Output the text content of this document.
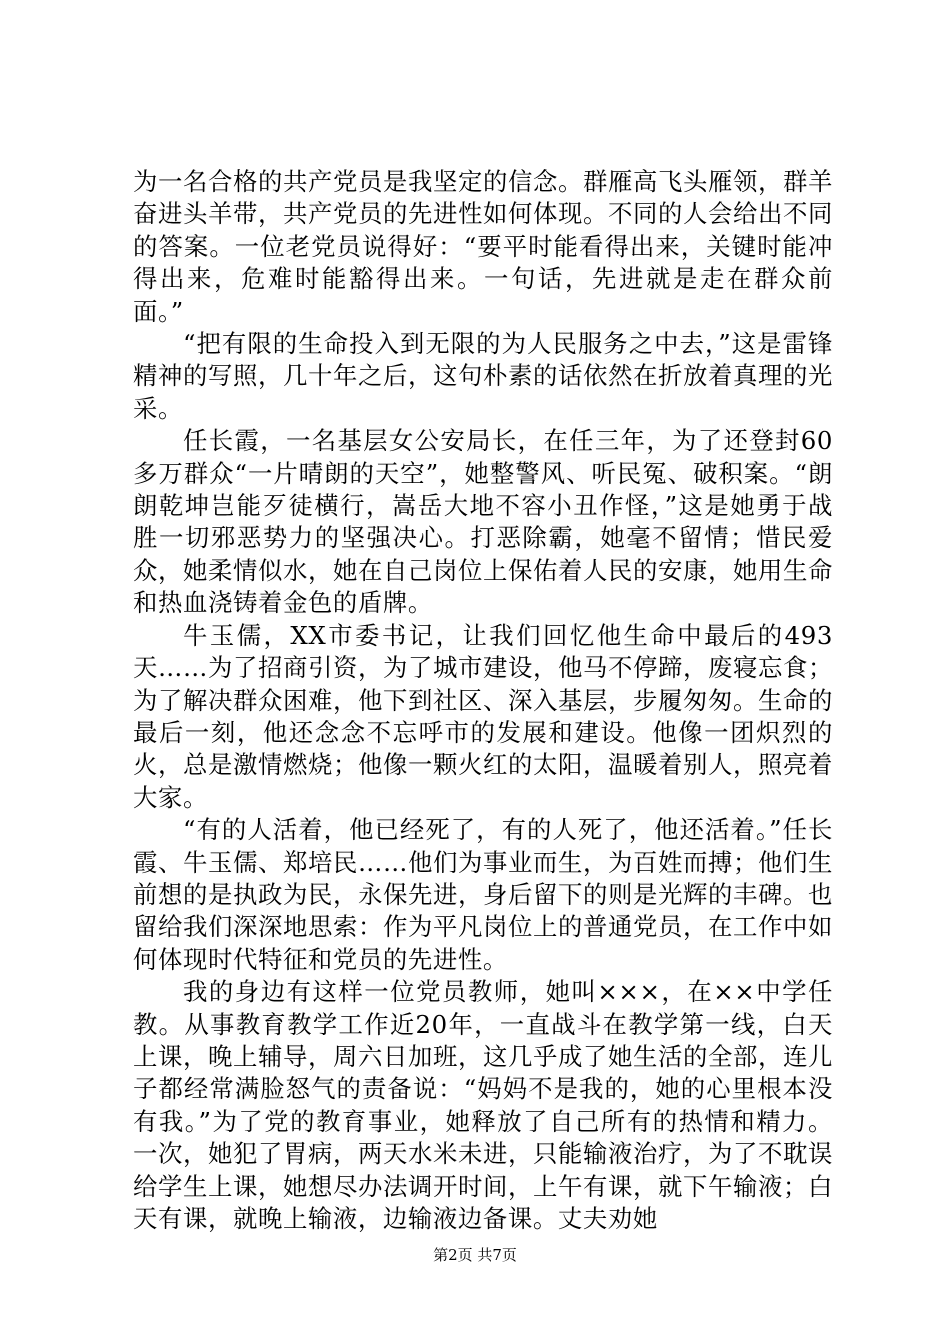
为一名合格的共产党员是我坚定的信念。群雁高飞头雁领，群羊奋进头羊带，共产党员的先进性如何体现。不同的人会给出不同的答案。一位老党员说得好：“要平时能看得出来，关键时能冲得出来，危难时能豁得出来。一句话，先进就是走在群众前面。”

“把有限的生命投入到无限的为人民服务之中去，”这是雷锋精神的写照，几十年之后，这句朴素的话依然在折放着真理的光采。

任长霞，一名基层女公安局长，在任三年，为了还登封60多万群众“一片晴朗的天空”，她整警风、听民冤、破积案。“朗朗乾坤岂能歹徒横行，嵩岳大地不容小丑作怪，”这是她勇于战胜一切邪恶势力的坚强决心。打恶除霸，她毫不留情；惜民爱众，她柔情似水，她在自己岗位上保佑着人民的安康，她用生命和热血浇铸着金色的盾牌。

牛玉儒，XX市委书记，让我们回忆他生命中最后的493天……为了招商引资，为了城市建设，他马不停蹄，废寝忘食；为了解决群众困难，他下到社区、深入基层，步履匆匆。生命的最后一刻，他还念念不忘呼市的发展和建设。他像一团炽烈的火，总是激情燃烧；他像一颗火红的太阳，温暖着别人，照亮着大家。

“有的人活着，他已经死了，有的人死了，他还活着。”任长霞、牛玉儒、郑培民……他们为事业而生，为百姓而搏；他们生前想的是执政为民，永保先进，身后留下的则是光辉的丰碑。也留给我们深深地思索：作为平凡岗位上的普通党员，在工作中如何体现时代特征和党员的先进性。

我的身边有这样一位党员教师，她叫×××，在××中学任教。从事教育教学工作近20年，一直战斗在教学第一线，白天上课，晚上辅导，周六日加班，这几乎成了她生活的全部，连儿子都经常满脸怒气的责备说：“妈妈不是我的，她的心里根本没有我。”为了党的教育事业，她释放了自己所有的热情和精力。一次，她犯了胃病，两天水米未进，只能输液治疗，为了不耽误给学生上课，她想尽办法调开时间，上午有课，就下午输液；白天有课，就晚上输液，边输液边备课。丈夫劝她

第2页 共7页
